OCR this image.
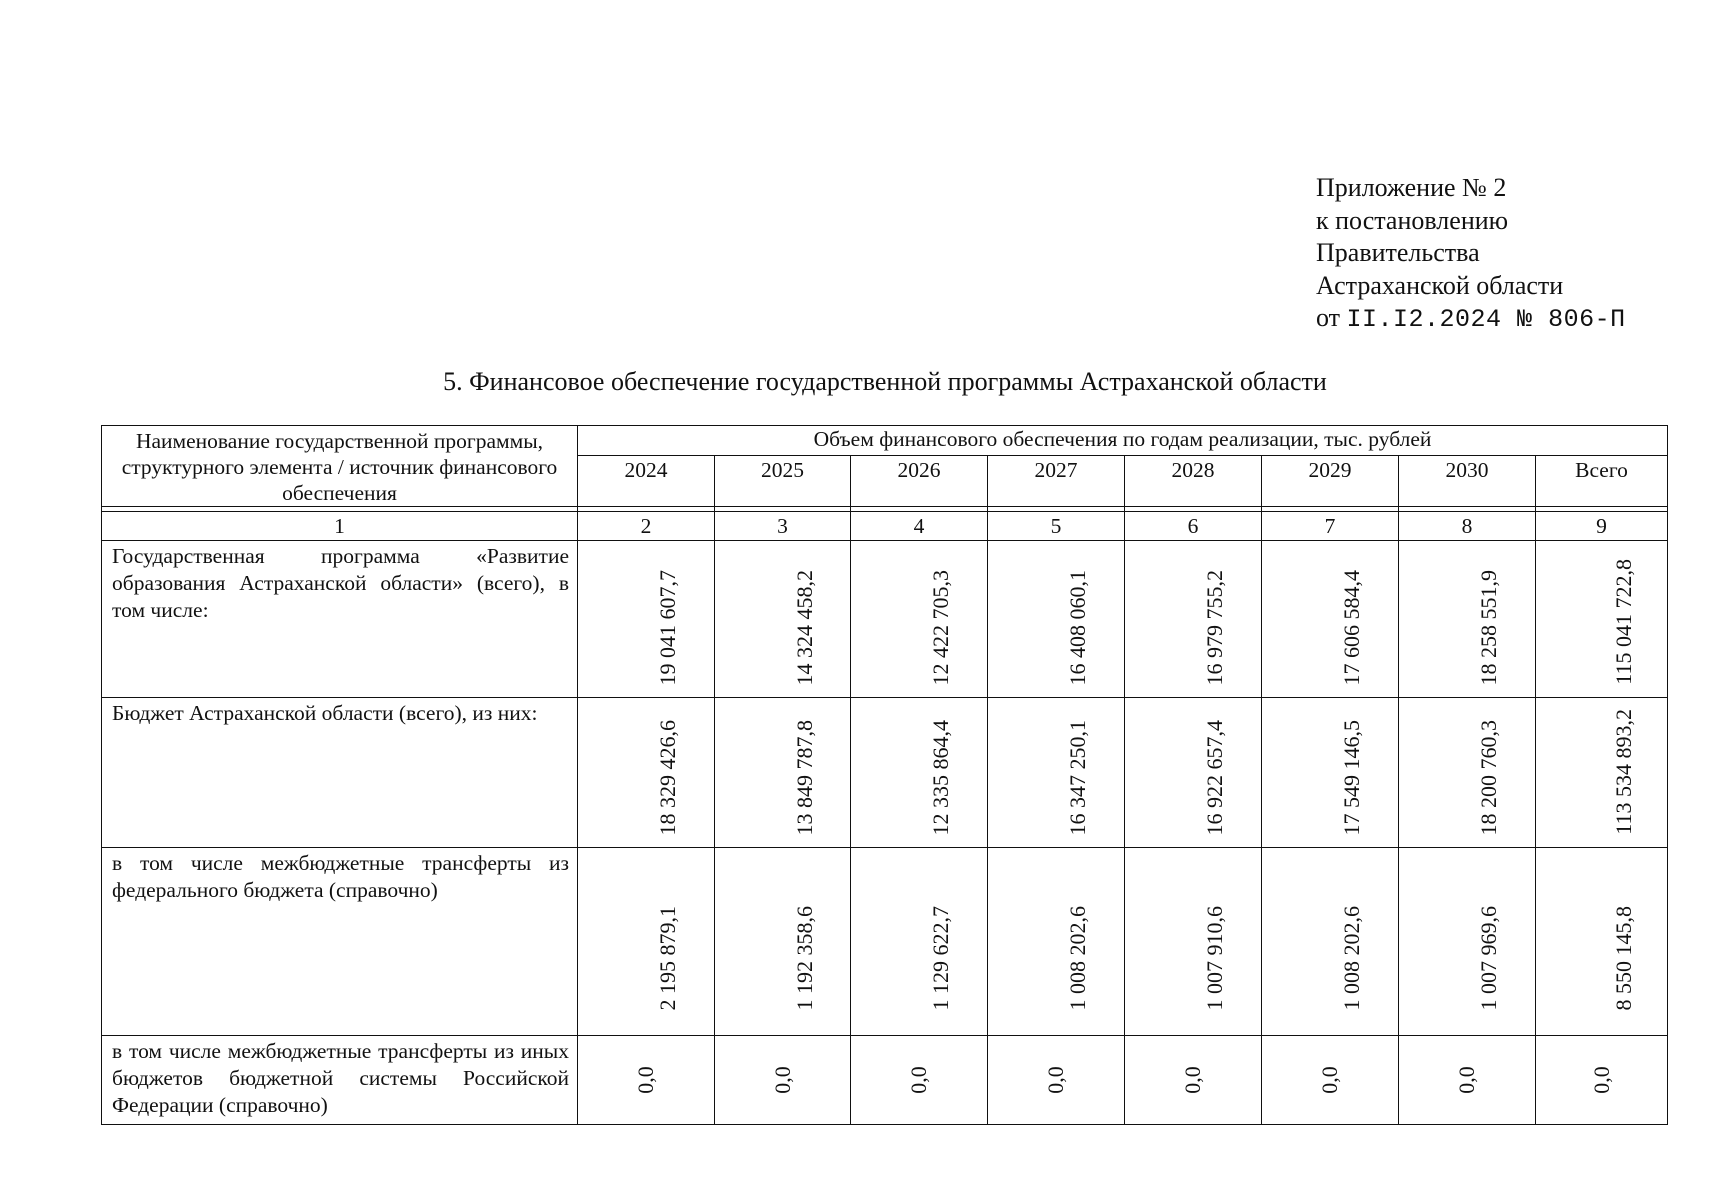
Приложение № 2
к постановлению
Правительства
Астраханской области
от II.I2.2024 № 806-П
5. Финансовое обеспечение государственной программы Астраханской области
Наименование государственной программы, структурного элемента / источник финансового обеспечения	Объем финансового обеспечения по годам реализации, тыс. рублей							
	2024	2025	2026	2027	2028	2029	2030	Всего

1	2	3	4	5	6	7	8	9
Государственная программа «Развитие образования Астраханской области» (всего), в том числе:	19 041 607,7	14 324 458,2	12 422 705,3	16 408 060,1	16 979 755,2	17 606 584,4	18 258 551,9	115 041 722,8

Бюджет Астраханской области (всего), из них:	18 329 426,6	13 849 787,8	12 335 864,4	16 347 250,1	16 922 657,4	17 549 146,5	18 200 760,3	113 534 893,2

в том числе межбюджетные трансферты из федерального бюджета (справочно)	2 195 879,1	1 192 358,6	1 129 622,7	1 008 202,6	1 007 910,6	1 008 202,6	1 007 969,6	8 550 145,8

в том числе межбюджетные трансферты из иных бюджетов бюджетной системы Российской Федерации (справочно)	0,0	0,0	0,0	0,0	0,0	0,0	0,0	0,0
